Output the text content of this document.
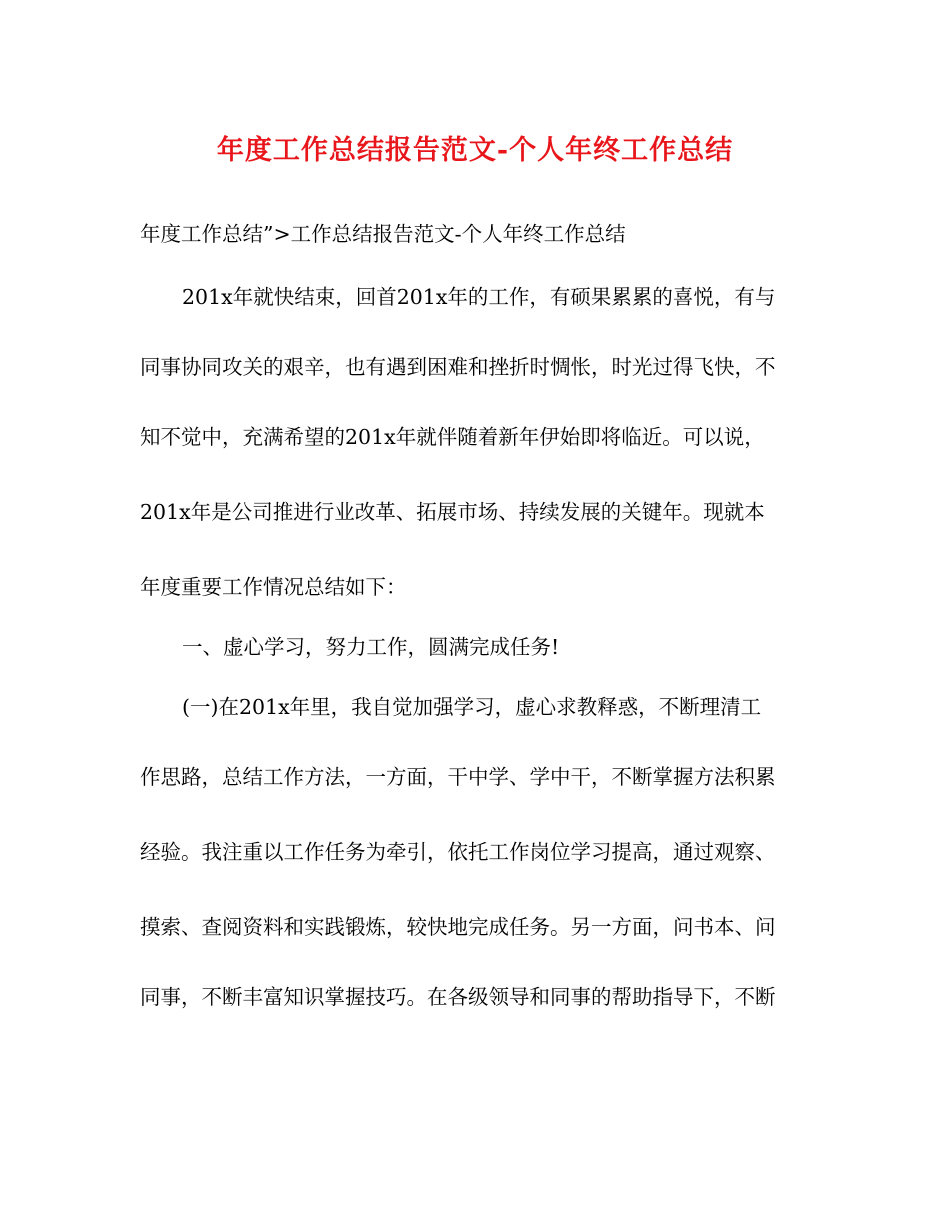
年度工作总结报告范文-个人年终工作总结
年度工作总结”>工作总结报告范文-个人年终工作总结
201x年就快结束，回首201x年的工作，有硕果累累的喜悦，有与
同事协同攻关的艰辛，也有遇到困难和挫折时惆怅，时光过得飞快，不
知不觉中，充满希望的201x年就伴随着新年伊始即将临近。可以说，
201x年是公司推进行业改革、拓展市场、持续发展的关键年。现就本
年度重要工作情况总结如下：
一、虚心学习，努力工作，圆满完成任务!
(一)在201x年里，我自觉加强学习，虚心求教释惑，不断理清工
作思路，总结工作方法，一方面，干中学、学中干，不断掌握方法积累
经验。我注重以工作任务为牵引，依托工作岗位学习提高，通过观察、
摸索、查阅资料和实践锻炼，较快地完成任务。另一方面，问书本、问
同事，不断丰富知识掌握技巧。在各级领导和同事的帮助指导下，不断
